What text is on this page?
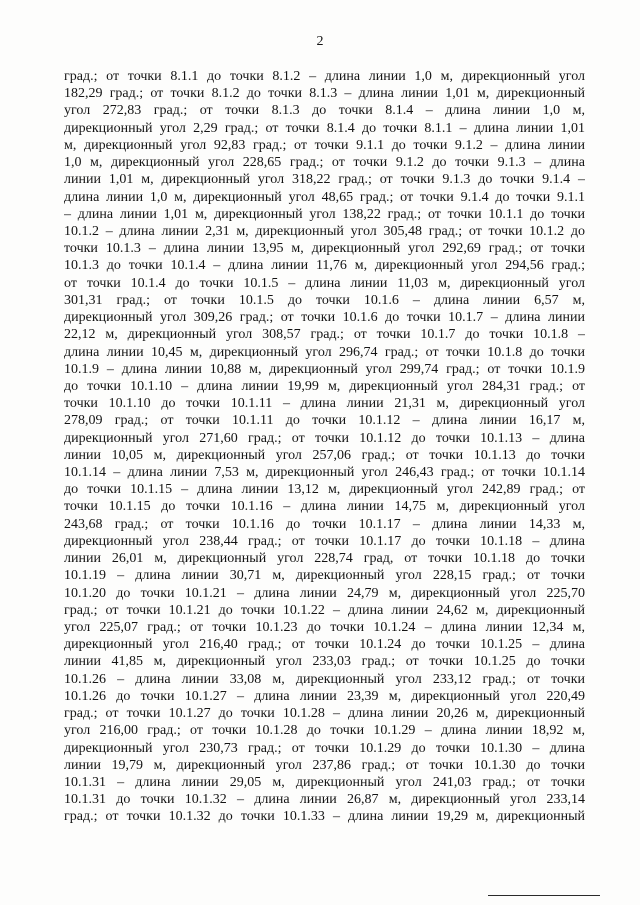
2
град.; от точки 8.1.1 до точки 8.1.2 – длина линии 1,0 м, дирекционный угол
182,29 град.; от точки 8.1.2 до точки 8.1.3 – длина линии 1,01 м, дирекционный
угол 272,83 град.; от точки 8.1.3 до точки 8.1.4 – длина линии 1,0 м,
дирекционный угол 2,29 град.; от точки 8.1.4 до точки 8.1.1 – длина линии 1,01
м, дирекционный угол 92,83 град.; от точки 9.1.1 до точки 9.1.2 – длина линии
1,0 м, дирекционный угол 228,65 град.; от точки 9.1.2 до точки 9.1.3 – длина
линии 1,01 м, дирекционный угол 318,22 град.; от точки 9.1.3 до точки 9.1.4 –
длина линии 1,0 м, дирекционный угол 48,65 град.; от точки 9.1.4 до точки 9.1.1
– длина линии 1,01 м, дирекционный угол 138,22 град.; от точки 10.1.1 до точки
10.1.2 – длина линии 2,31 м, дирекционный угол 305,48 град.; от точки 10.1.2 до
точки 10.1.3 – длина линии 13,95 м, дирекционный угол 292,69 град.; от точки
10.1.3 до точки 10.1.4 – длина линии 11,76 м, дирекционный угол 294,56 град.;
от точки 10.1.4 до точки 10.1.5 – длина линии 11,03 м, дирекционный угол
301,31 град.; от точки 10.1.5 до точки 10.1.6 – длина линии 6,57 м,
дирекционный угол 309,26 град.; от точки 10.1.6 до точки 10.1.7 – длина линии
22,12 м, дирекционный угол 308,57 град.; от точки 10.1.7 до точки 10.1.8 –
длина линии 10,45 м, дирекционный угол 296,74 град.; от точки 10.1.8 до точки
10.1.9 – длина линии 10,88 м, дирекционный угол 299,74 град.; от точки 10.1.9
до точки 10.1.10 – длина линии 19,99 м, дирекционный угол 284,31 град.; от
точки 10.1.10 до точки 10.1.11 – длина линии 21,31 м, дирекционный угол
278,09 град.; от точки 10.1.11 до точки 10.1.12 – длина линии 16,17 м,
дирекционный угол 271,60 град.; от точки 10.1.12 до точки 10.1.13 – длина
линии 10,05 м, дирекционный угол 257,06 град.; от точки 10.1.13 до точки
10.1.14 – длина линии 7,53 м, дирекционный угол 246,43 град.; от точки 10.1.14
до точки 10.1.15 – длина линии 13,12 м, дирекционный угол 242,89 град.; от
точки 10.1.15 до точки 10.1.16 – длина линии 14,75 м, дирекционный угол
243,68 град.; от точки 10.1.16 до точки 10.1.17 – длина линии 14,33 м,
дирекционный угол 238,44 град.; от точки 10.1.17 до точки 10.1.18 – длина
линии 26,01 м, дирекционный угол 228,74 град, от точки 10.1.18 до точки
10.1.19 – длина линии 30,71 м, дирекционный угол 228,15 град.; от точки
10.1.20 до точки 10.1.21 – длина линии 24,79 м, дирекционный угол 225,70
град.; от точки 10.1.21 до точки 10.1.22 – длина линии 24,62 м, дирекционный
угол 225,07 град.; от точки 10.1.23 до точки 10.1.24 – длина линии 12,34 м,
дирекционный угол 216,40 град.; от точки 10.1.24 до точки 10.1.25 – длина
линии 41,85 м, дирекционный угол 233,03 град.; от точки 10.1.25 до точки
10.1.26 – длина линии 33,08 м, дирекционный угол 233,12 град.; от точки
10.1.26 до точки 10.1.27 – длина линии 23,39 м, дирекционный угол 220,49
град.; от точки 10.1.27 до точки 10.1.28 – длина линии 20,26 м, дирекционный
угол 216,00 град.; от точки 10.1.28 до точки 10.1.29 – длина линии 18,92 м,
дирекционный угол 230,73 град.; от точки 10.1.29 до точки 10.1.30 – длина
линии 19,79 м, дирекционный угол 237,86 град.; от точки 10.1.30 до точки
10.1.31 – длина линии 29,05 м, дирекционный угол 241,03 град.; от точки
10.1.31 до точки 10.1.32 – длина линии 26,87 м, дирекционный угол 233,14
град.; от точки 10.1.32 до точки 10.1.33 – длина линии 19,29 м, дирекционный
